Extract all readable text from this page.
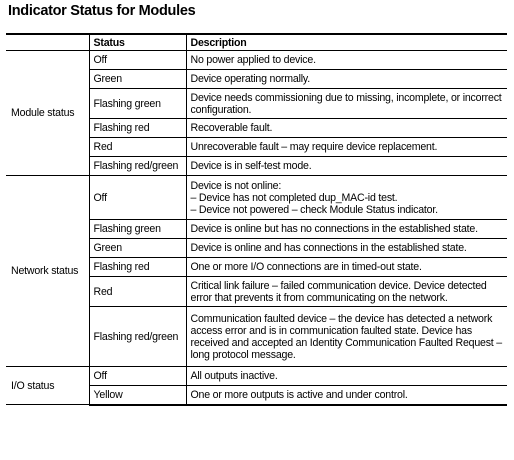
Indicator Status for Modules
	Status	Description
Module status	Off	No power applied to device.

	Green	Device operating normally.

	Flashing green	Device needs commissioning due to missing, incomplete, or incorrect
configuration.

	Flashing red	Recoverable fault.

	Red	Unrecoverable fault – may require device replacement.

	Flashing red/green	Device is in self-test mode.

Network status	Off	Device is not online:
– Device has not completed dup_MAC-id test.
– Device not powered – check Module Status indicator.

	Flashing green	Device is online but has no connections in the established state.

	Green	Device is online and has connections in the established state.

	Flashing red	One or more I/O connections are in timed-out state.

	Red	Critical link failure – failed communication device. Device detected
error that prevents it from communicating on the network.

	Flashing red/green	Communication faulted device – the device has detected a network
access error and is in communication faulted state. Device has
received and accepted an Identity Communication Faulted Request –
long protocol message.

I/O status	Off	All outputs inactive.

	Yellow	One or more outputs is active and under control.
